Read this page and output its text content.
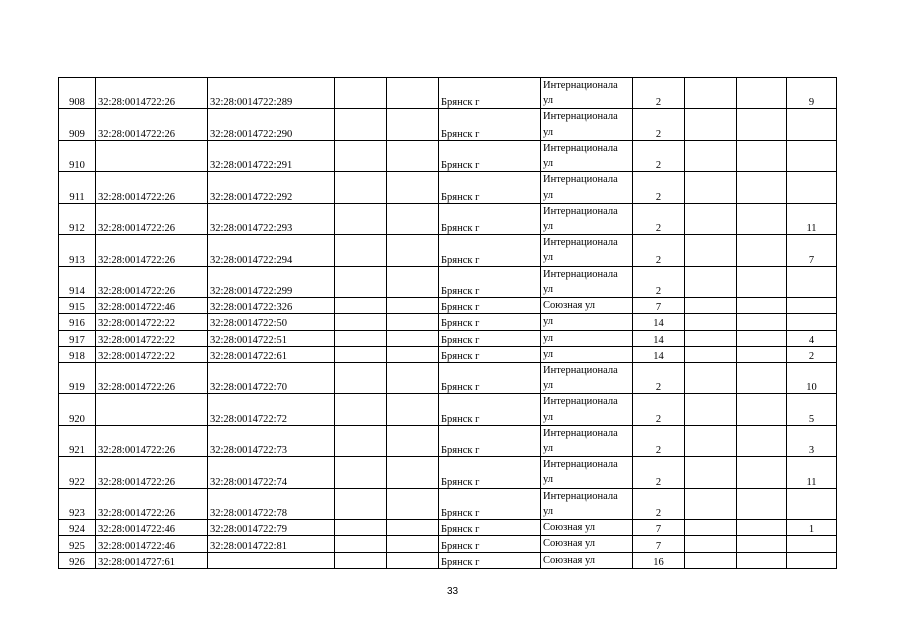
908	32:28:0014722:26	32:28:0014722:289			Брянск г	Интернационала ул	2			9
909	32:28:0014722:26	32:28:0014722:290			Брянск г	Интернационала ул	2			
910		32:28:0014722:291			Брянск г	Интернационала ул	2			
911	32:28:0014722:26	32:28:0014722:292			Брянск г	Интернационала ул	2			
912	32:28:0014722:26	32:28:0014722:293			Брянск г	Интернационала ул	2			11
913	32:28:0014722:26	32:28:0014722:294			Брянск г	Интернационала ул	2			7
914	32:28:0014722:26	32:28:0014722:299			Брянск г	Интернационала ул	2			
915	32:28:0014722:46	32:28:0014722:326			Брянск г	Союзная ул	7			
916	32:28:0014722:22	32:28:0014722:50			Брянск г	ул	14			
917	32:28:0014722:22	32:28:0014722:51			Брянск г	ул	14			4
918	32:28:0014722:22	32:28:0014722:61			Брянск г	ул	14			2
919	32:28:0014722:26	32:28:0014722:70			Брянск г	Интернационала ул	2			10
920		32:28:0014722:72			Брянск г	Интернационала ул	2			5
921	32:28:0014722:26	32:28:0014722:73			Брянск г	Интернационала ул	2			3
922	32:28:0014722:26	32:28:0014722:74			Брянск г	Интернационала ул	2			11
923	32:28:0014722:26	32:28:0014722:78			Брянск г	Интернационала ул	2			
924	32:28:0014722:46	32:28:0014722:79			Брянск г	Союзная ул	7			1
925	32:28:0014722:46	32:28:0014722:81			Брянск г	Союзная ул	7			
926	32:28:0014727:61				Брянск г	Союзная ул	16			
33
